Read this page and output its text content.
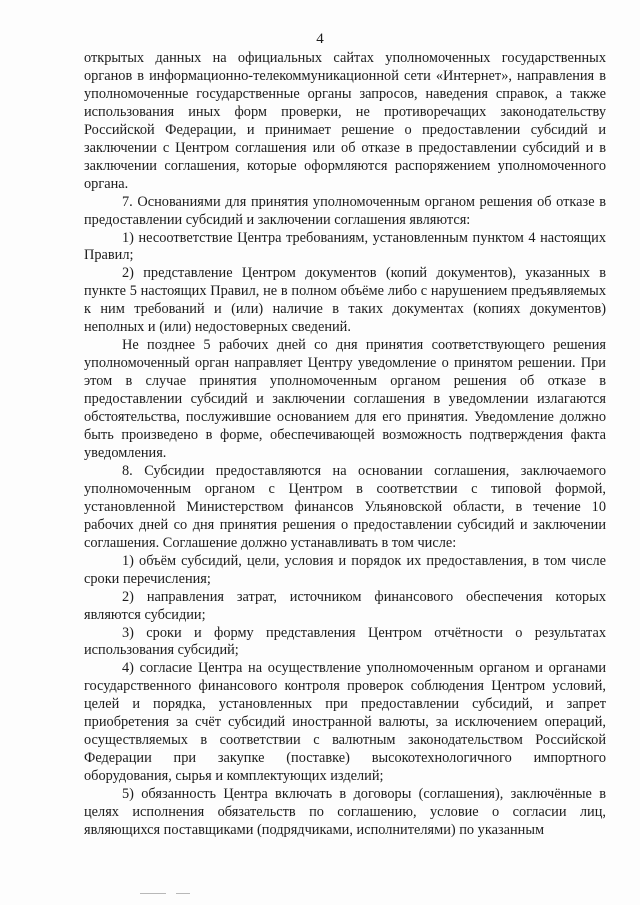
4

открытых данных на официальных сайтах уполномоченных государственных органов в информационно-телекоммуникационной сети «Интернет», направления в уполномоченные государственные органы запросов, наведения справок, а также использования иных форм проверки, не противоречащих законодательству Российской Федерации, и принимает решение о предоставлении субсидий и заключении с Центром соглашения или об отказе в предоставлении субсидий и в заключении соглашения, которые оформляются распоряжением уполномоченного органа.

7. Основаниями для принятия уполномоченным органом решения об отказе в предоставлении субсидий и заключении соглашения являются:

1) несоответствие Центра требованиям, установленным пунктом 4 настоящих Правил;

2) представление Центром документов (копий документов), указанных в пункте 5 настоящих Правил, не в полном объёме либо с нарушением предъявляемых к ним требований и (или) наличие в таких документах (копиях документов) неполных и (или) недостоверных сведений.

Не позднее 5 рабочих дней со дня принятия соответствующего решения уполномоченный орган направляет Центру уведомление о принятом решении. При этом в случае принятия уполномоченным органом решения об отказе в предоставлении субсидий и заключении соглашения в уведомлении излагаются обстоятельства, послужившие основанием для его принятия. Уведомление должно быть произведено в форме, обеспечивающей возможность подтверждения факта уведомления.

8. Субсидии предоставляются на основании соглашения, заключаемого уполномоченным органом с Центром в соответствии с типовой формой, установленной Министерством финансов Ульяновской области, в течение 10 рабочих дней со дня принятия решения о предоставлении субсидий и заключении соглашения. Соглашение должно устанавливать в том числе:

1) объём субсидий, цели, условия и порядок их предоставления, в том числе сроки перечисления;

2) направления затрат, источником финансового обеспечения которых являются субсидии;

3) сроки и форму представления Центром отчётности о результатах использования субсидий;

4) согласие Центра на осуществление уполномоченным органом и органами государственного финансового контроля проверок соблюдения Центром условий, целей и порядка, установленных при предоставлении субсидий, и запрет приобретения за счёт субсидий иностранной валюты, за исключением операций, осуществляемых в соответствии с валютным законодательством Российской Федерации при закупке (поставке) высокотехнологичного импортного оборудования, сырья и комплектующих изделий;

5) обязанность Центра включать в договоры (соглашения), заключённые в целях исполнения обязательств по соглашению, условие о согласии лиц, являющихся поставщиками (подрядчиками, исполнителями) по указанным
